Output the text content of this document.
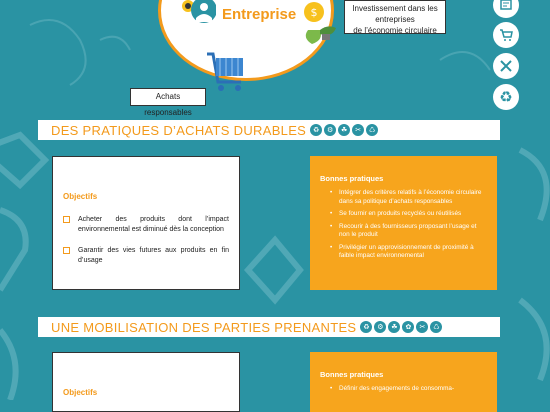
Entreprise $
Achats responsables
Investissement dans les entreprises
de l’économie circulaire
♻
DES PRATIQUES D’ACHATS DURABLES ♻	⚙	☘	✂	♺
Objectifs
Acheter des produits dont l’impact environnemental est diminué dès la conception
Garantir des vies futures aux produits en fin d’usage
Bonnes pratiques
• Intégrer des critères relatifs à l’économie circulaire dans sa politique d’achats responsables
• Se fournir en produits recyclés ou réutilisés
• Recourir à des fournisseurs proposant l’usage et non le produit
• Privilégier un approvisionnement de proximité à faible impact environnemental
UNE MOBILISATION DES PARTIES PRENANTES ♻	⚙	☘	✿	✂	♺
Objectifs
Bonnes pratiques
• Définir des engagements de consomma-
